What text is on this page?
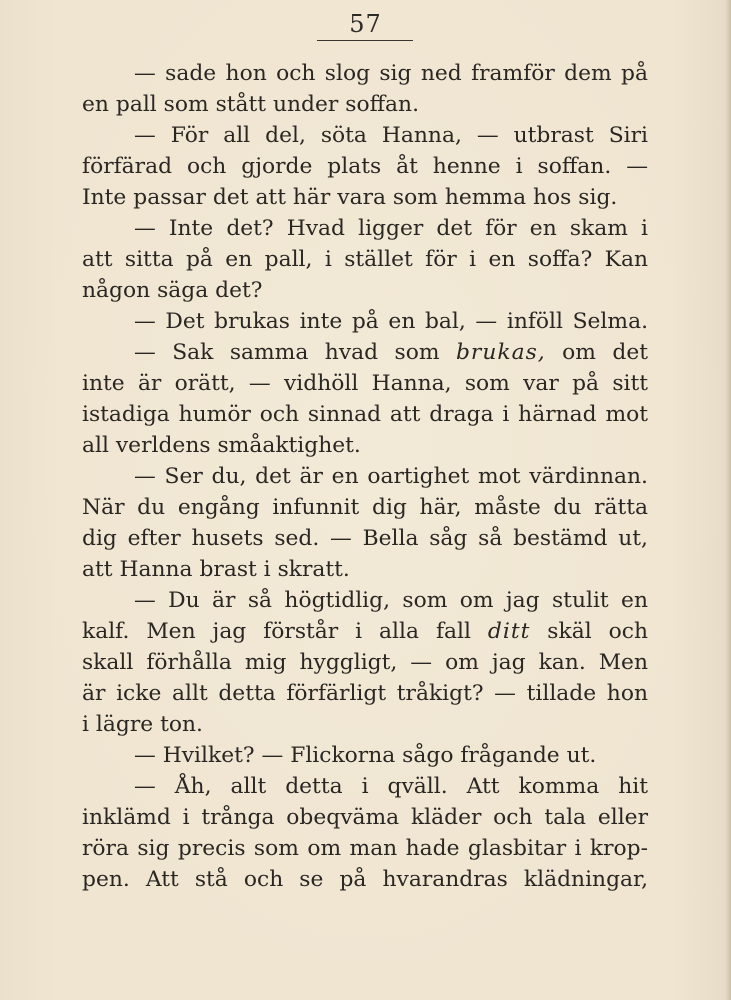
57
— sade hon och slog sig ned framför dem på
en pall som stått under soffan.
— För all del, söta Hanna, — utbrast Siri
förfärad och gjorde plats åt henne i soffan. —
Inte passar det att här vara som hemma hos sig.
— Inte det? Hvad ligger det för en skam i
att sitta på en pall, i stället för i en soffa? Kan
någon säga det?
— Det brukas inte på en bal, — inföll Selma.
— Sak samma hvad som brukas, om det
inte är orätt, — vidhöll Hanna, som var på sitt
istadiga humör och sinnad att draga i härnad mot
all verldens småaktighet.
— Ser du, det är en oartighet mot värdinnan.
När du engång infunnit dig här, måste du rätta
dig efter husets sed. — Bella såg så bestämd ut,
att Hanna brast i skratt.
— Du är så högtidlig, som om jag stulit en
kalf. Men jag förstår i alla fall ditt skäl och
skall förhålla mig hyggligt, — om jag kan. Men
är icke allt detta förfärligt tråkigt? — tillade hon
i lägre ton.
— Hvilket? — Flickorna sågo frågande ut.
— Åh, allt detta i qväll. Att komma hit
inklämd i trånga obeqväma kläder och tala eller
röra sig precis som om man hade glasbitar i krop-
pen. Att stå och se på hvarandras klädningar,
